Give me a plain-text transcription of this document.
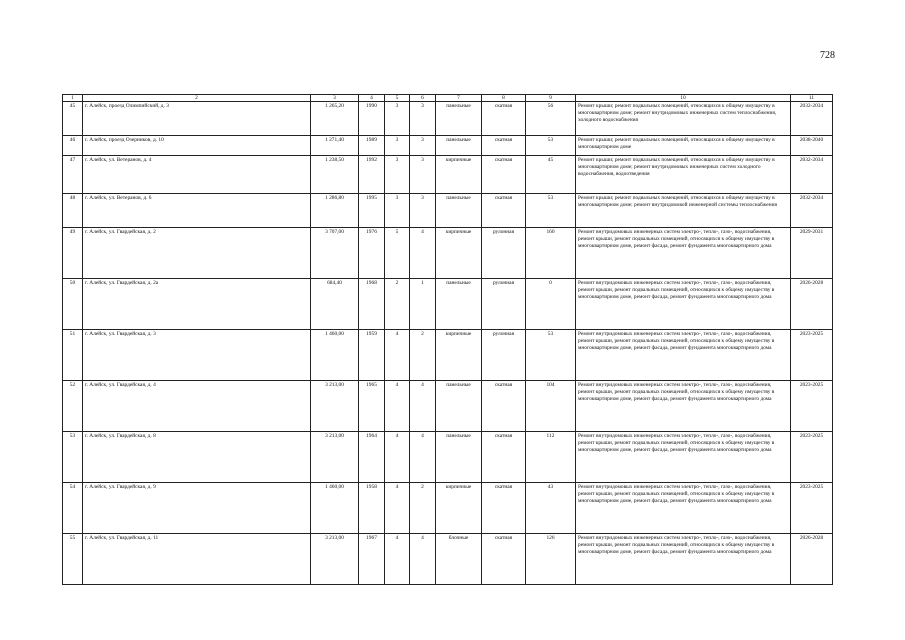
728
1	2	3	4	5	6	7	8	9	10	11
45	г. Алейск, проезд Олимпийский, д. 3	1 265,20	1990	3	3	панельные	скатная	56	Ремонт крыши; ремонт подвальных помещений, относящихся к общему имуществу в многоквартирном доме; ремонт внутридомовых инженерных систем теплоснабжения, холодного водоснабжения	2032-2034
46	г. Алейск, проезд Озерников, д. 10	1 271,40	1989	3	3	панельные	скатная	53	Ремонт крыши; ремонт подвальных помещений, относящихся к общему имуществу в многоквартирном доме	2038-2040
47	г. Алейск, ул. Ветеранов, д. 4	1 238,50	1992	3	3	кирпичные	скатная	45	Ремонт крыши; ремонт подвальных помещений, относящихся к общему имуществу в многоквартирном доме; ремонт внутридомовых инженерных систем холодного водоснабжения, водоотведения	2032-2034
48	г. Алейск, ул. Ветеранов, д. 6	1 286,80	1995	3	3	панельные	скатная	53	Ремонт крыши; ремонт подвальных помещений, относящихся к общему имуществу в многоквартирном доме; ремонт внутридомовой инженерной системы теплоснабжения	2032-2034
49	г. Алейск, ул. Гвардейская, д. 2	3 707,00	1976	5	4	кирпичные	рулонная	160	Ремонт внутридомовых инженерных систем электро-, тепло-, газо-, водоснабжения, ремонт крыши, ремонт подвальных помещений, относящихся к общему имуществу в многоквартирном доме, ремонт фасада, ремонт фундамента многоквартирного дома	2029-2031
50	г. Алейск, ул. Гвардейская, д. 2а	684,40	1968	2	1	панельные	рулонная	0	Ремонт внутридомовых инженерных систем электро-, тепло-, газо-, водоснабжения, ремонт крыши, ремонт подвальных помещений, относящихся к общему имуществу в многоквартирном доме, ремонт фасада, ремонт фундамента многоквартирного дома	2026-2028
51	г. Алейск, ул. Гвардейская, д. 3	1 460,00	1959	4	2	кирпичные	рулонная	53	Ремонт внутридомовых инженерных систем электро-, тепло-, газо-, водоснабжения, ремонт крыши, ремонт подвальных помещений, относящихся к общему имуществу в многоквартирном доме, ремонт фасада, ремонт фундамента многоквартирного дома	2023-2025
52	г. Алейск, ул. Гвардейская, д. 4	3 213,00	1965	4	4	панельные	скатная	104	Ремонт внутридомовых инженерных систем электро-, тепло-, газо-, водоснабжения, ремонт крыши, ремонт подвальных помещений, относящихся к общему имуществу в многоквартирном доме, ремонт фасада, ремонт фундамента многоквартирного дома	2023-2025
53	г. Алейск, ул. Гвардейская, д. 8	3 213,00	1964	4	4	панельные	скатная	112	Ремонт внутридомовых инженерных систем электро-, тепло-, газо-, водоснабжения, ремонт крыши, ремонт подвальных помещений, относящихся к общему имуществу в многоквартирном доме, ремонт фасада, ремонт фундамента многоквартирного дома	2023-2025
54	г. Алейск, ул. Гвардейская, д. 9	1 460,00	1958	4	2	кирпичные	скатная	43	Ремонт внутридомовых инженерных систем электро-, тепло-, газо-, водоснабжения, ремонт крыши, ремонт подвальных помещений, относящихся к общему имуществу в многоквартирном доме, ремонт фасада, ремонт фундамента многоквартирного дома	2023-2025
55	г. Алейск, ул. Гвардейская, д. 11	3 213,00	1967	4	4	блочные	скатная	126	Ремонт внутридомовых инженерных систем электро-, тепло-, газо-, водоснабжения, ремонт крыши, ремонт подвальных помещений, относящихся к общему имуществу в многоквартирном доме, ремонт фасада, ремонт фундамента многоквартирного дома	2026-2028
